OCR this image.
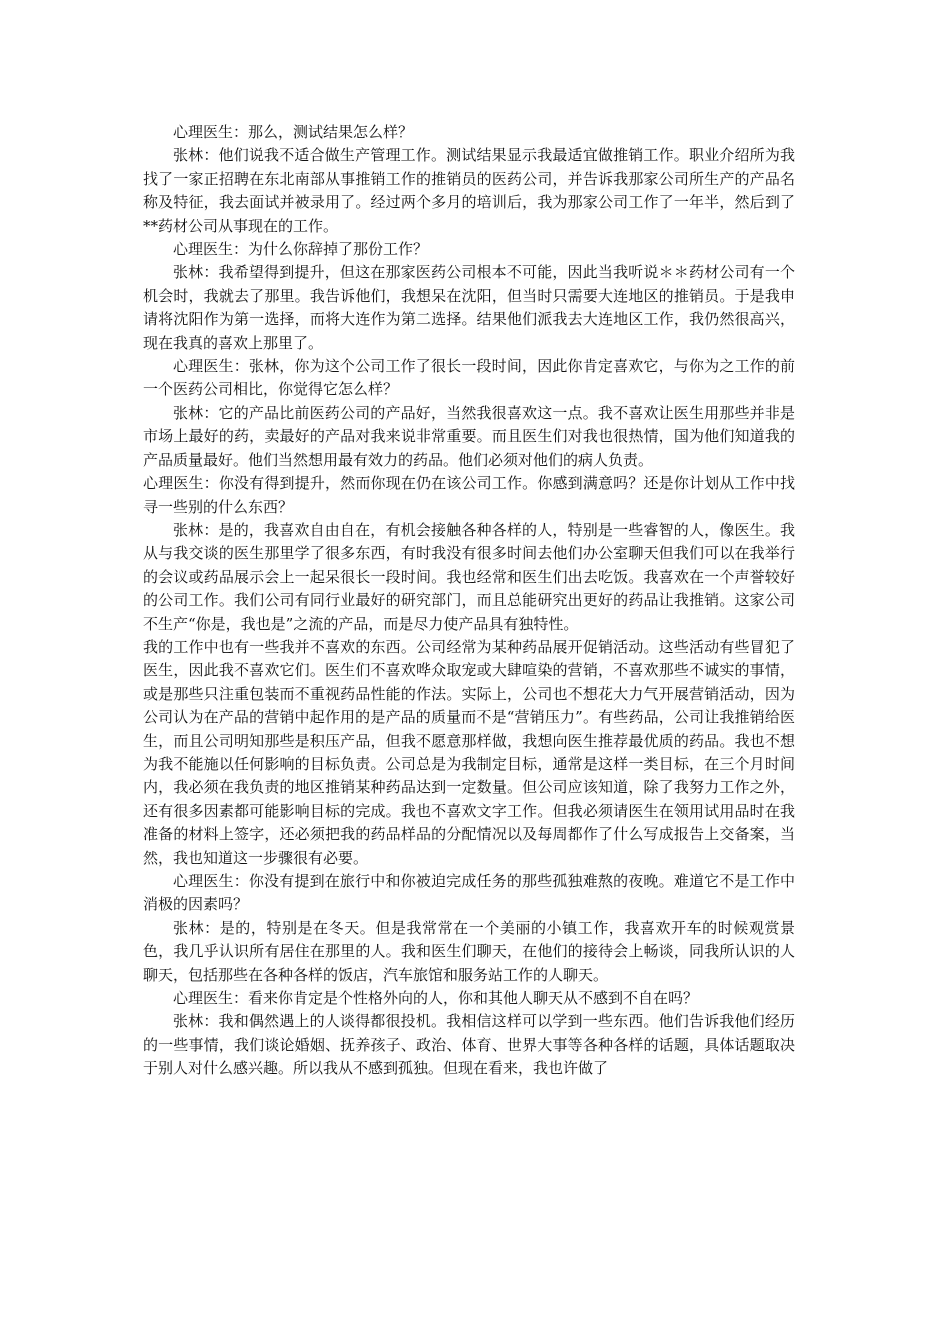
心理医生：那么，测试结果怎么样？

张林：他们说我不适合做生产管理工作。测试结果显示我最适宜做推销工作。职业介绍所为我找了一家正招聘在东北南部从事推销工作的推销员的医药公司，并告诉我那家公司所生产的产品名称及特征，我去面试并被录用了。经过两个多月的培训后，我为那家公司工作了一年半，然后到了**药材公司从事现在的工作。

心理医生：为什么你辞掉了那份工作？

张林：我希望得到提升，但这在那家医药公司根本不可能，因此当我听说＊＊药材公司有一个机会时，我就去了那里。我告诉他们，我想呆在沈阳，但当时只需要大连地区的推销员。于是我申请将沈阳作为第一选择，而将大连作为第二选择。结果他们派我去大连地区工作，我仍然很高兴，现在我真的喜欢上那里了。

心理医生：张林，你为这个公司工作了很长一段时间，因此你肯定喜欢它，与你为之工作的前一个医药公司相比，你觉得它怎么样？

张林：它的产品比前医药公司的产品好，当然我很喜欢这一点。我不喜欢让医生用那些并非是市场上最好的药，卖最好的产品对我来说非常重要。而且医生们对我也很热情，国为他们知道我的产品质量最好。他们当然想用最有效力的药品。他们必须对他们的病人负责。

心理医生：你没有得到提升，然而你现在仍在该公司工作。你感到满意吗？还是你计划从工作中找寻一些别的什么东西？

张林：是的，我喜欢自由自在，有机会接触各种各样的人，特别是一些睿智的人，像医生。我从与我交谈的医生那里学了很多东西，有时我没有很多时间去他们办公室聊天但我们可以在我举行的会议或药品展示会上一起呆很长一段时间。我也经常和医生们出去吃饭。我喜欢在一个声誉较好的公司工作。我们公司有同行业最好的研究部门，而且总能研究出更好的药品让我推销。这家公司不生产“你是，我也是”之流的产品，而是尽力使产品具有独特性。

我的工作中也有一些我并不喜欢的东西。公司经常为某种药品展开促销活动。这些活动有些冒犯了医生，因此我不喜欢它们。医生们不喜欢哗众取宠或大肆喧染的营销，不喜欢那些不诚实的事情，或是那些只注重包装而不重视药品性能的作法。实际上，公司也不想花大力气开展营销活动，因为公司认为在产品的营销中起作用的是产品的质量而不是“营销压力”。有些药品，公司让我推销给医生，而且公司明知那些是积压产品，但我不愿意那样做，我想向医生推荐最优质的药品。我也不想为我不能施以任何影响的目标负责。公司总是为我制定目标，通常是这样一类目标，在三个月时间内，我必须在我负责的地区推销某种药品达到一定数量。但公司应该知道，除了我努力工作之外，还有很多因素都可能影响目标的完成。我也不喜欢文字工作。但我必须请医生在领用试用品时在我准备的材料上签字，还必须把我的药品样品的分配情况以及每周都作了什么写成报告上交备案，当然，我也知道这一步骤很有必要。

心理医生：你没有提到在旅行中和你被迫完成任务的那些孤独难熬的夜晚。难道它不是工作中消极的因素吗？

张林：是的，特别是在冬天。但是我常常在一个美丽的小镇工作，我喜欢开车的时候观赏景色，我几乎认识所有居住在那里的人。我和医生们聊天，在他们的接待会上畅谈，同我所认识的人聊天，包括那些在各种各样的饭店，汽车旅馆和服务站工作的人聊天。

心理医生：看来你肯定是个性格外向的人，你和其他人聊天从不感到不自在吗？

张林：我和偶然遇上的人谈得都很投机。我相信这样可以学到一些东西。他们告诉我他们经历的一些事情，我们谈论婚姻、抚养孩子、政治、体育、世界大事等各种各样的话题，具体话题取决于别人对什么感兴趣。所以我从不感到孤独。但现在看来，我也许做了
